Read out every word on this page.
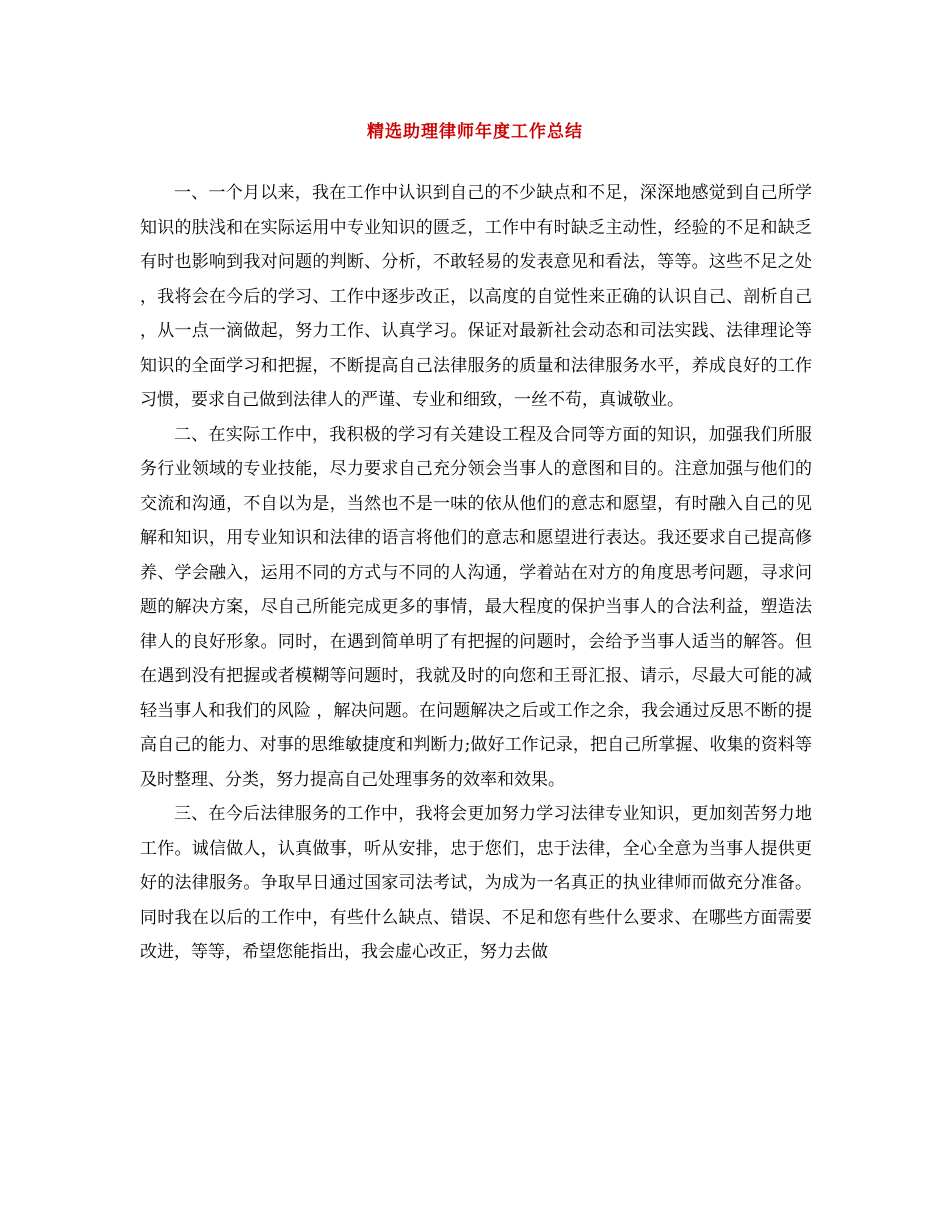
精选助理律师年度工作总结

一、一个月以来，我在工作中认识到自己的不少缺点和不足，深深地感觉到自己所学知识的肤浅和在实际运用中专业知识的匮乏，工作中有时缺乏主动性，经验的不足和缺乏有时也影响到我对问题的判断、分析，不敢轻易的发表意见和看法，等等。这些不足之处，我将会在今后的学习、工作中逐步改正，以高度的自觉性来正确的认识自己、剖析自己，从一点一滴做起，努力工作、认真学习。保证对最新社会动态和司法实践、法律理论等知识的全面学习和把握，不断提高自己法律服务的质量和法律服务水平，养成良好的工作习惯，要求自己做到法律人的严谨、专业和细致，一丝不苟，真诚敬业。

二、在实际工作中，我积极的学习有关建设工程及合同等方面的知识，加强我们所服务行业领域的专业技能，尽力要求自己充分领会当事人的意图和目的。注意加强与他们的交流和沟通，不自以为是，当然也不是一味的依从他们的意志和愿望，有时融入自己的见解和知识，用专业知识和法律的语言将他们的意志和愿望进行表达。我还要求自己提高修养、学会融入，运用不同的方式与不同的人沟通，学着站在对方的角度思考问题，寻求问题的解决方案，尽自己所能完成更多的事情，最大程度的保护当事人的合法利益，塑造法律人的良好形象。同时，在遇到简单明了有把握的问题时，会给予当事人适当的解答。但在遇到没有把握或者模糊等问题时，我就及时的向您和王哥汇报、请示，尽最大可能的减轻当事人和我们的风险 ，解决问题。在问题解决之后或工作之余，我会通过反思不断的提高自己的能力、对事的思维敏捷度和判断力;做好工作记录，把自己所掌握、收集的资料等及时整理、分类，努力提高自己处理事务的效率和效果。

三、在今后法律服务的工作中，我将会更加努力学习法律专业知识，更加刻苦努力地工作。诚信做人，认真做事，听从安排，忠于您们，忠于法律，全心全意为当事人提供更好的法律服务。争取早日通过国家司法考试，为成为一名真正的执业律师而做充分准备。同时我在以后的工作中，有些什么缺点、错误、不足和您有些什么要求、在哪些方面需要改进，等等，希望您能指出，我会虚心改正，努力去做
